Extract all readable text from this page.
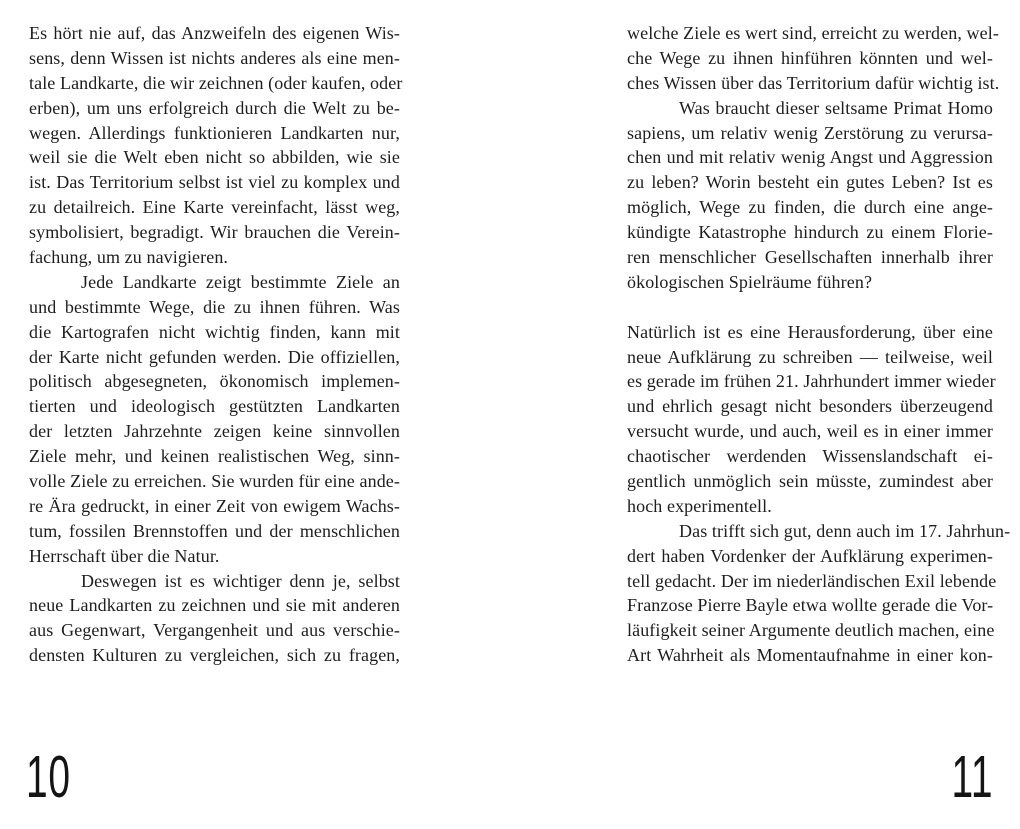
Es hört nie auf, das Anzweifeln des eigenen Wis-
sens, denn Wissen ist nichts anderes als eine men-
tale Landkarte, die wir zeichnen (oder kaufen, oder
erben), um uns erfolgreich durch die Welt zu be-
wegen. Allerdings funktionieren Landkarten nur,
weil sie die Welt eben nicht so abbilden, wie sie
ist. Das Territorium selbst ist viel zu komplex und
zu detailreich. Eine Karte vereinfacht, lässt weg,
symbolisiert, begradigt. Wir brauchen die Verein-
fachung, um zu navigieren.
Jede Landkarte zeigt bestimmte Ziele an
und bestimmte Wege, die zu ihnen führen. Was
die Kartografen nicht wichtig finden, kann mit
der Karte nicht gefunden werden. Die offiziellen,
politisch abgesegneten, ökonomisch implemen-
tierten und ideologisch gestützten Landkarten
der letzten Jahrzehnte zeigen keine sinnvollen
Ziele mehr, und keinen realistischen Weg, sinn-
volle Ziele zu erreichen. Sie wurden für eine ande-
re Ära gedruckt, in einer Zeit von ewigem Wachs-
tum, fossilen Brennstoffen und der menschlichen
Herrschaft über die Natur.
Deswegen ist es wichtiger denn je, selbst
neue Landkarten zu zeichnen und sie mit anderen
aus Gegenwart, Vergangenheit und aus verschie-
densten Kulturen zu vergleichen, sich zu fragen,
10
welche Ziele es wert sind, erreicht zu werden, wel-
che Wege zu ihnen hinführen könnten und wel-
ches Wissen über das Territorium dafür wichtig ist.
Was braucht dieser seltsame Primat Homo
sapiens, um relativ wenig Zerstörung zu verursa-
chen und mit relativ wenig Angst und Aggression
zu leben? Worin besteht ein gutes Leben? Ist es
möglich, Wege zu finden, die durch eine ange-
kündigte Katastrophe hindurch zu einem Florie-
ren menschlicher Gesellschaften innerhalb ihrer
ökologischen Spielräume führen?
Natürlich ist es eine Herausforderung, über eine
neue Aufklärung zu schreiben — teilweise, weil
es gerade im frühen 21. Jahrhundert immer wieder
und ehrlich gesagt nicht besonders überzeugend
versucht wurde, und auch, weil es in einer immer
chaotischer werdenden Wissenslandschaft ei-
gentlich unmöglich sein müsste, zumindest aber
hoch experimentell.
Das trifft sich gut, denn auch im 17. Jahrhun-
dert haben Vordenker der Aufklärung experimen-
tell gedacht. Der im niederländischen Exil lebende
Franzose Pierre Bayle etwa wollte gerade die Vor-
läufigkeit seiner Argumente deutlich machen, eine
Art Wahrheit als Momentaufnahme in einer kon-
11
